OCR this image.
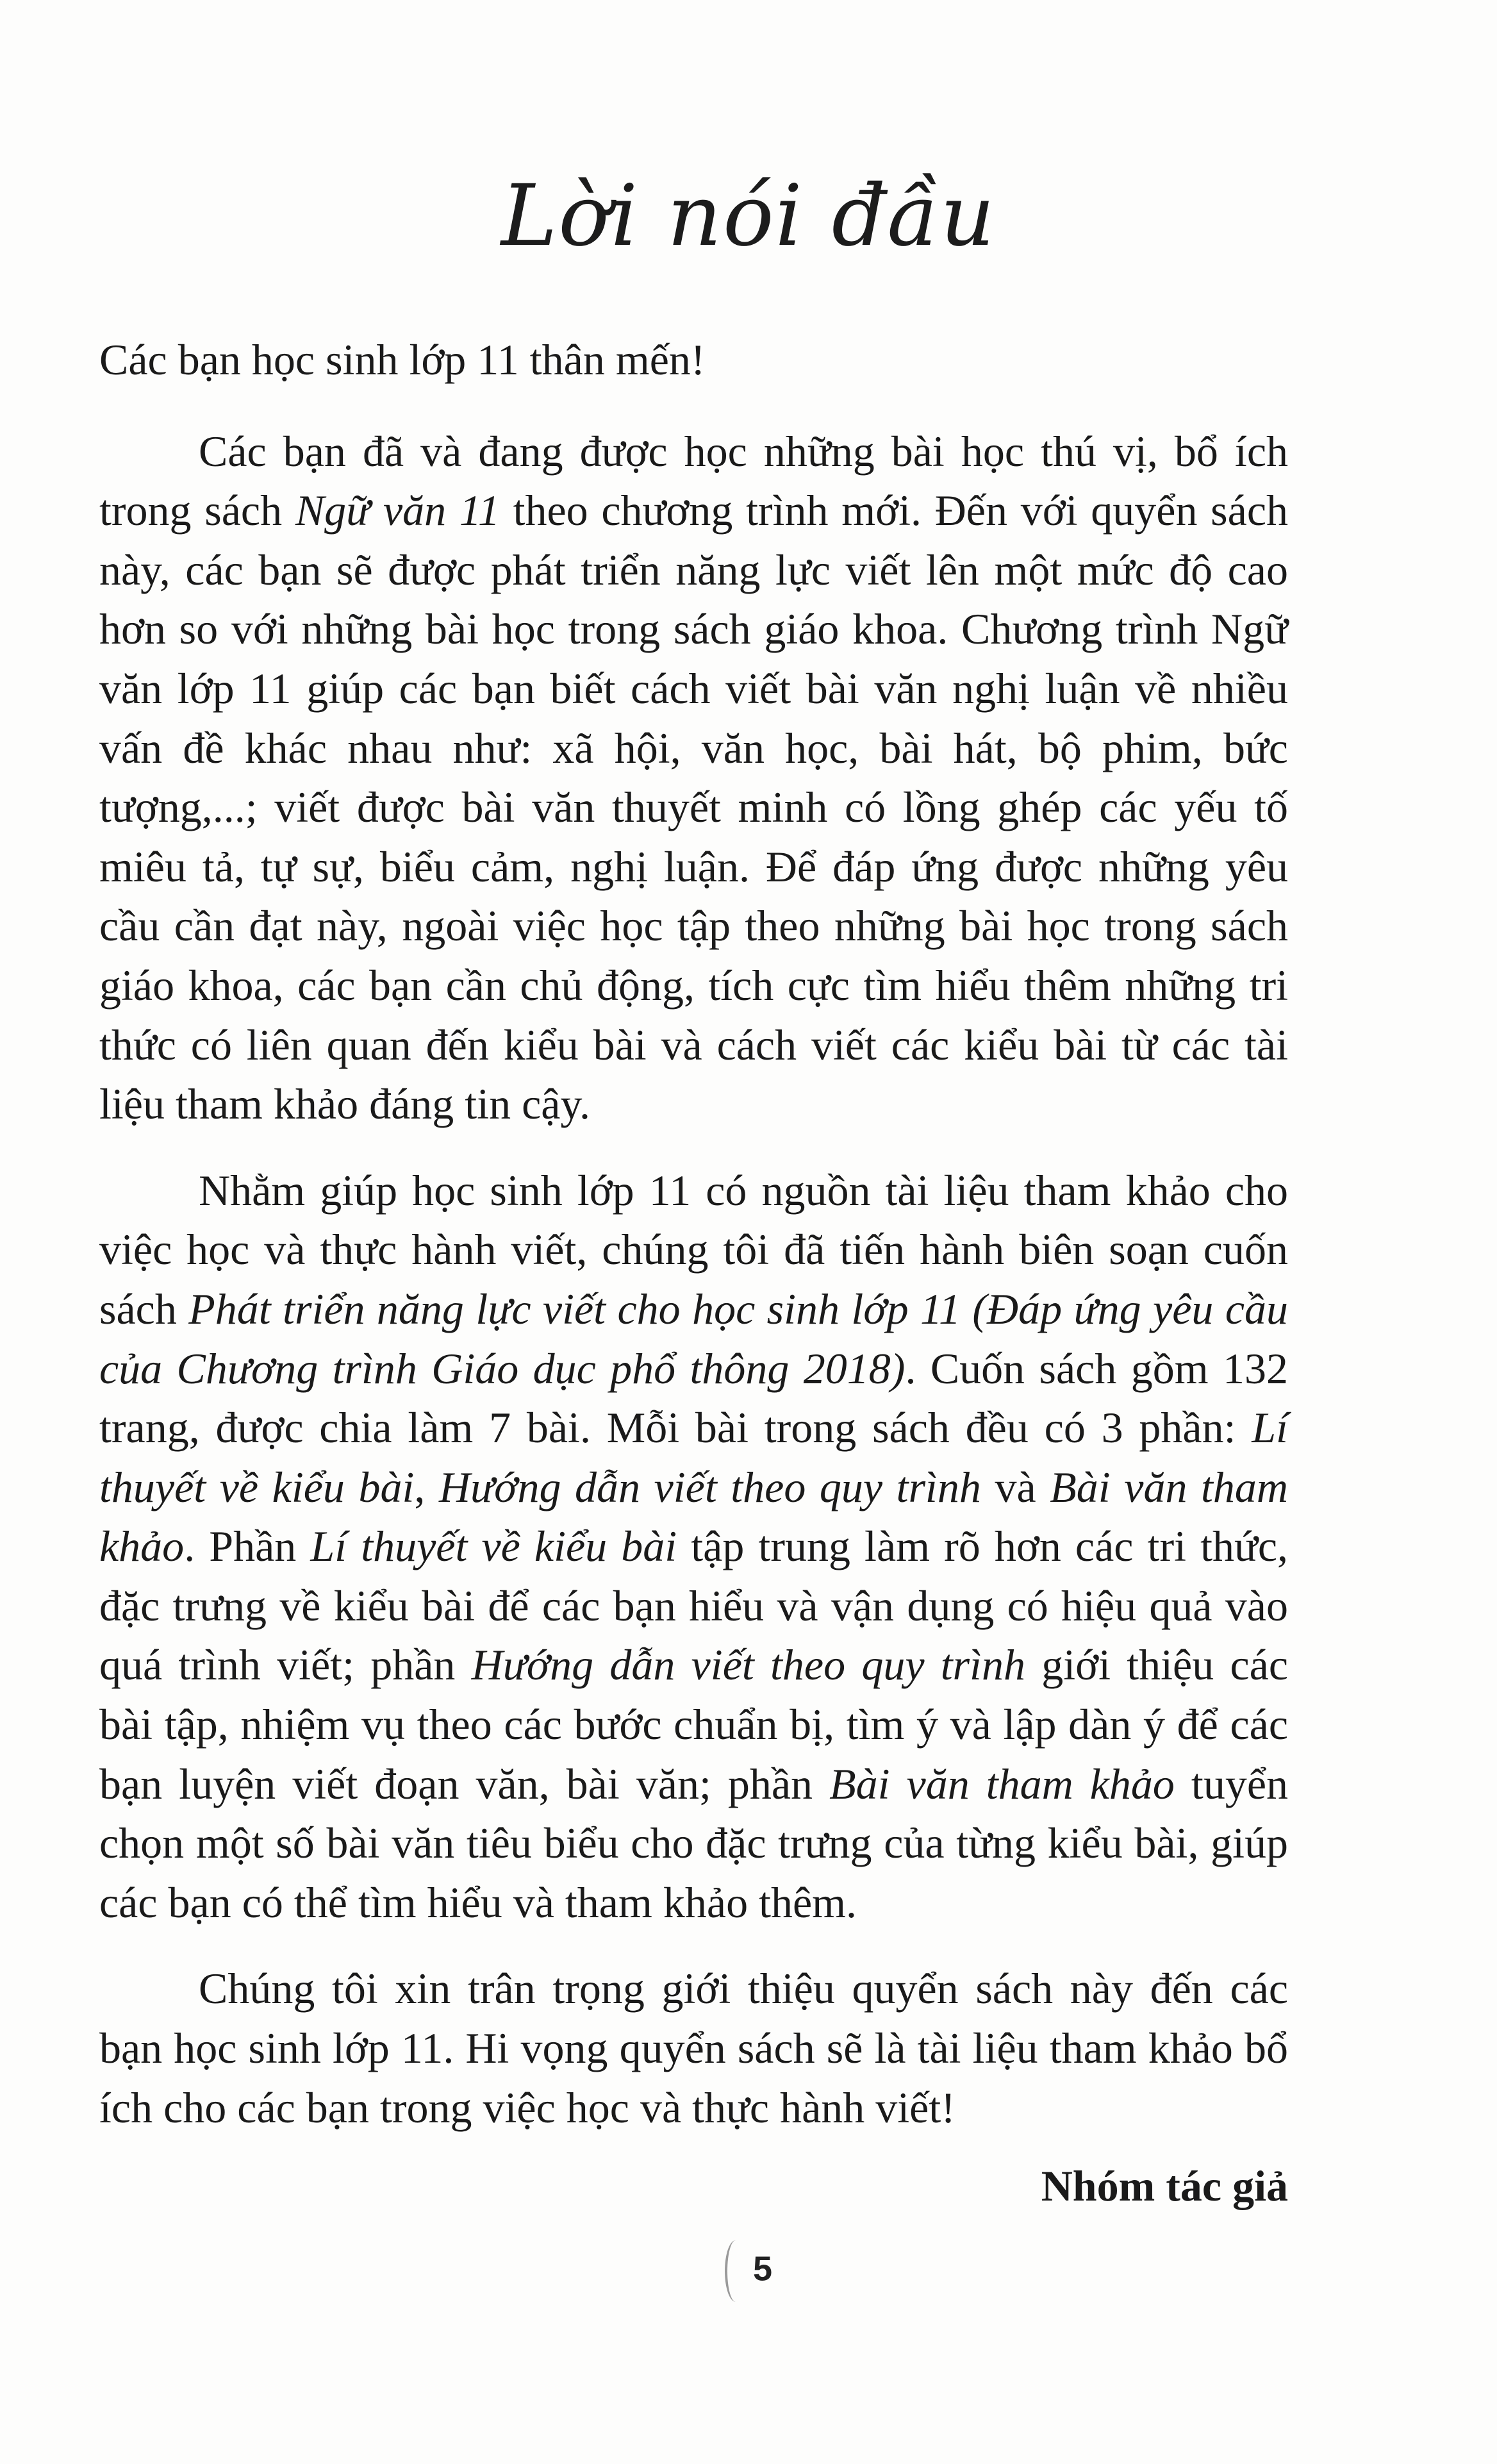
Lời nói đầu

Các bạn học sinh lớp 11 thân mến!

Các bạn đã và đang được học những bài học thú vị, bổ ích trong sách Ngữ văn 11 theo chương trình mới. Đến với quyển sách này, các bạn sẽ được phát triển năng lực viết lên một mức độ cao hơn so với những bài học trong sách giáo khoa. Chương trình Ngữ văn lớp 11 giúp các bạn biết cách viết bài văn nghị luận về nhiều vấn đề khác nhau như: xã hội, văn học, bài hát, bộ phim, bức tượng,...; viết được bài văn thuyết minh có lồng ghép các yếu tố miêu tả, tự sự, biểu cảm, nghị luận. Để đáp ứng được những yêu cầu cần đạt này, ngoài việc học tập theo những bài học trong sách giáo khoa, các bạn cần chủ động, tích cực tìm hiểu thêm những tri thức có liên quan đến kiểu bài và cách viết các kiểu bài từ các tài liệu tham khảo đáng tin cậy.

Nhằm giúp học sinh lớp 11 có nguồn tài liệu tham khảo cho việc học và thực hành viết, chúng tôi đã tiến hành biên soạn cuốn sách Phát triển năng lực viết cho học sinh lớp 11 (Đáp ứng yêu cầu của Chương trình Giáo dục phổ thông 2018). Cuốn sách gồm 132 trang, được chia làm 7 bài. Mỗi bài trong sách đều có 3 phần: Lí thuyết về kiểu bài, Hướng dẫn viết theo quy trình và Bài văn tham khảo. Phần Lí thuyết về kiểu bài tập trung làm rõ hơn các tri thức, đặc trưng về kiểu bài để các bạn hiểu và vận dụng có hiệu quả vào quá trình viết; phần Hướng dẫn viết theo quy trình giới thiệu các bài tập, nhiệm vụ theo các bước chuẩn bị, tìm ý và lập dàn ý để các bạn luyện viết đoạn văn, bài văn; phần Bài văn tham khảo tuyển chọn một số bài văn tiêu biểu cho đặc trưng của từng kiểu bài, giúp các bạn có thể tìm hiểu và tham khảo thêm.

Chúng tôi xin trân trọng giới thiệu quyển sách này đến các bạn học sinh lớp 11. Hi vọng quyển sách sẽ là tài liệu tham khảo bổ ích cho các bạn trong việc học và thực hành viết!

Nhóm tác giả

5
